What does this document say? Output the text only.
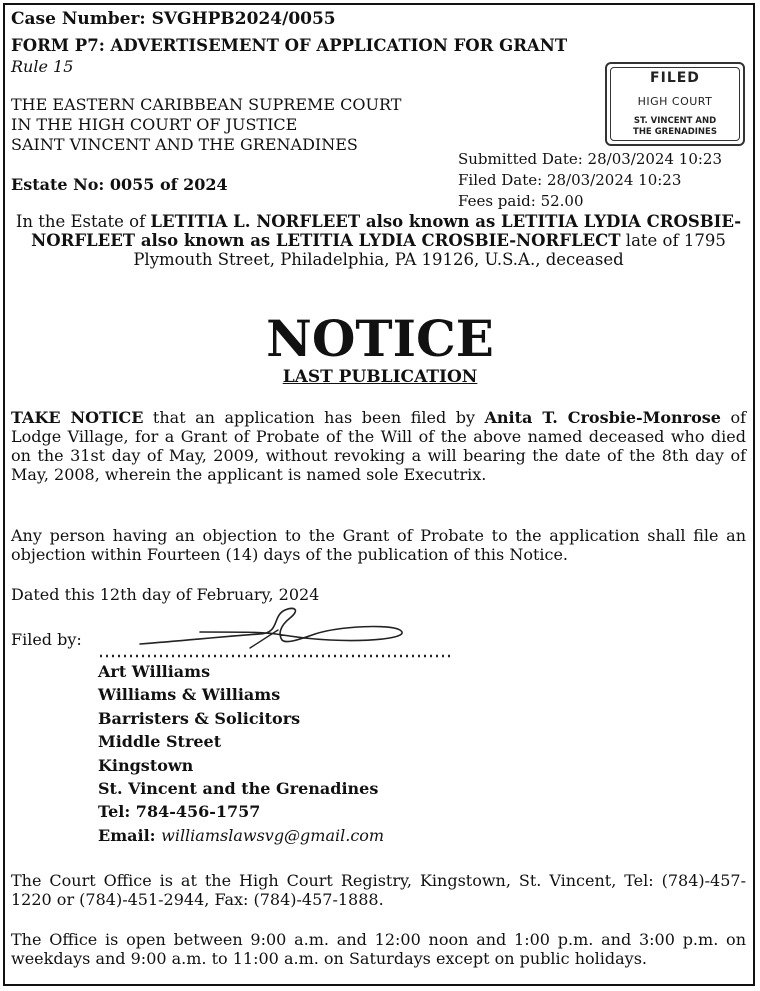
Case Number: SVGHPB2024/0055
FORM P7: ADVERTISEMENT OF APPLICATION FOR GRANT
Rule 15
THE EASTERN CARIBBEAN SUPREME COURT
IN THE HIGH COURT OF JUSTICE
SAINT VINCENT AND THE GRENADINES
FILED
HIGH COURT
ST. VINCENT AND
THE GRENADINES
Submitted Date: 28/03/2024 10:23
Filed Date: 28/03/2024 10:23
Fees paid: 52.00
Estate No: 0055 of 2024
In the Estate of LETITIA L. NORFLEET also known as LETITIA LYDIA CROSBIE-NORFLEET also known as LETITIA LYDIA CROSBIE-NORFLECT late of 1795 Plymouth Street, Philadelphia, PA 19126, U.S.A., deceased
NOTICE
LAST PUBLICATION
TAKE NOTICE that an application has been filed by Anita T. Crosbie-Monrose of Lodge Village, for a Grant of Probate of the Will of the above named deceased who died on the 31st day of May, 2009, without revoking a will bearing the date of the 8th day of May, 2008, wherein the applicant is named sole Executrix.
Any person having an objection to the Grant of Probate to the application shall file an objection within Fourteen (14) days of the publication of this Notice.
Dated this 12th day of February, 2024
Filed by:
Art Williams
Williams & Williams
Barristers & Solicitors
Middle Street
Kingstown
St. Vincent and the Grenadines
Tel: 784-456-1757
Email: williamslawsvg@gmail.com
The Court Office is at the High Court Registry, Kingstown, St. Vincent, Tel: (784)-457-1220 or (784)-451-2944, Fax: (784)-457-1888.
The Office is open between 9:00 a.m. and 12:00 noon and 1:00 p.m. and 3:00 p.m. on weekdays and 9:00 a.m. to 11:00 a.m. on Saturdays except on public holidays.
